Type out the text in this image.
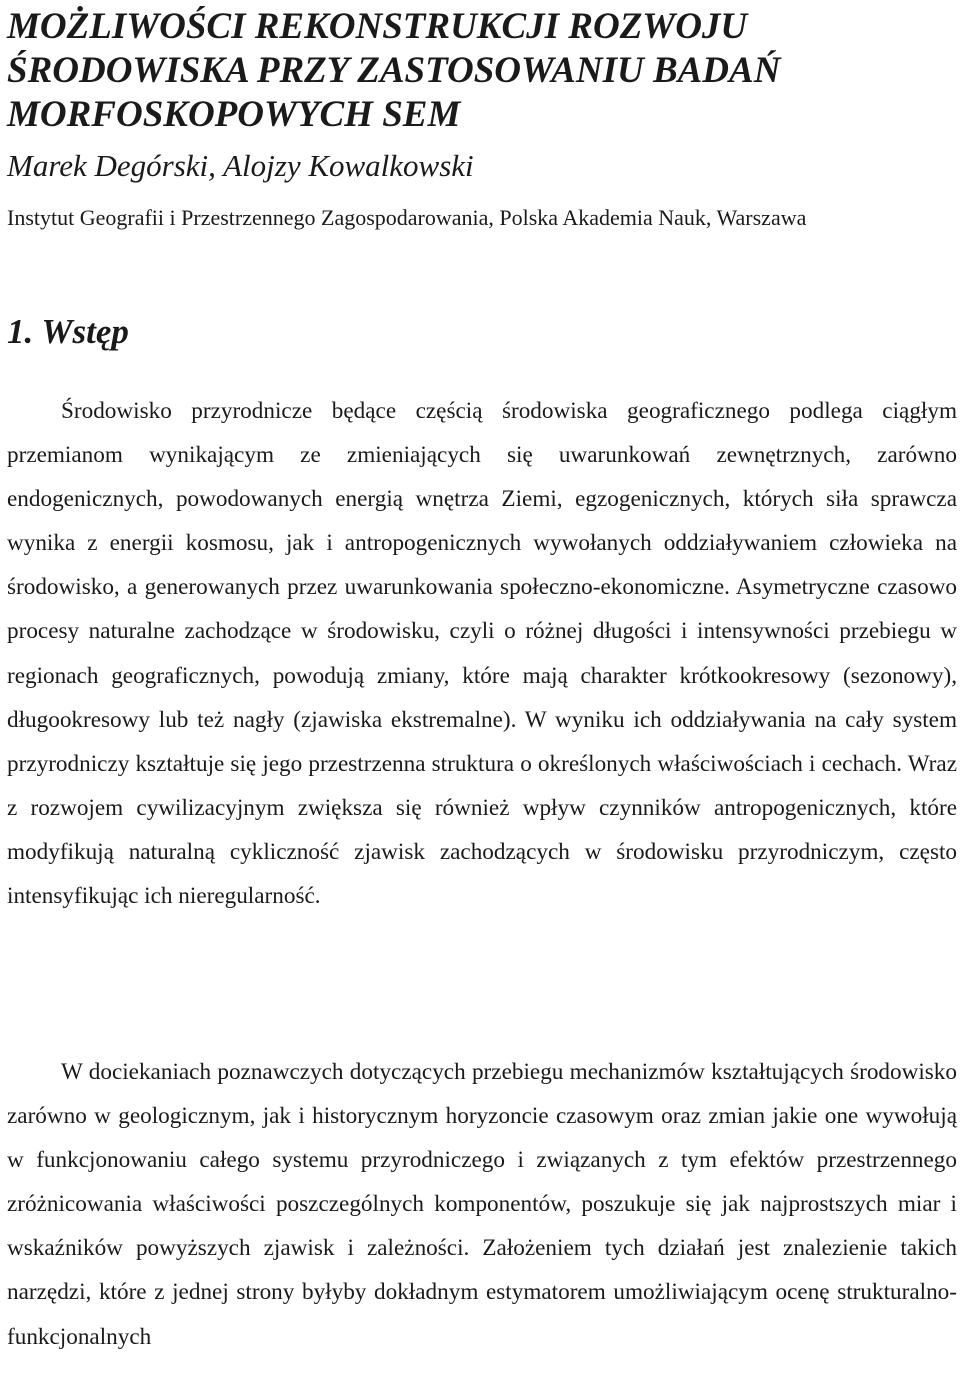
MOŻLIWOŚCI REKONSTRUKCJI ROZWOJU

ŚRODOWISKA PRZY ZASTOSOWANIU BADAŃ

MORFOSKOPOWYCH SEM

Marek Degórski, Alojzy Kowalkowski

Instytut Geografii i Przestrzennego Zagospodarowania, Polska Akademia Nauk, Warszawa

1. Wstęp

Środowisko przyrodnicze będące częścią środowiska geograficznego podlega ciągłym przemianom wynikającym ze zmieniających się uwarunkowań zewnętrznych, zarówno endogenicznych, powodowanych energią wnętrza Ziemi, egzogenicznych, których siła sprawcza wynika z energii kosmosu, jak i antropogenicznych wywołanych oddziaływaniem człowieka na środowisko, a generowanych przez uwarunkowania społeczno-ekonomiczne. Asymetryczne czasowo procesy naturalne zachodzące w środowisku, czyli o różnej długości i intensywności przebiegu w regionach geograficznych, powodują zmiany, które mają charakter krótkookresowy (sezonowy), długookresowy lub też nagły (zjawiska ekstremalne). W wyniku ich oddziaływania na cały system przyrodniczy kształtuje się jego przestrzenna struktura o określonych właściwościach i cechach. Wraz z rozwojem cywilizacyjnym zwiększa się również wpływ czynników antropogenicznych, które modyfikują naturalną cykliczność zjawisk zachodzących w środowisku przyrodniczym, często intensyfikując ich nieregularność.

W dociekaniach poznawczych dotyczących przebiegu mechanizmów kształtujących środowisko zarówno w geologicznym, jak i historycznym horyzoncie czasowym oraz zmian jakie one wywołują w funkcjonowaniu całego systemu przyrodniczego i związanych z tym efektów przestrzennego zróżnicowania właściwości poszczególnych komponentów, poszukuje się jak najprostszych miar i wskaźników powyższych zjawisk i zależności. Założeniem tych działań jest znalezienie takich narzędzi, które z jednej strony byłyby dokładnym estymatorem umożliwiającym ocenę strukturalno-funkcjonalnych
